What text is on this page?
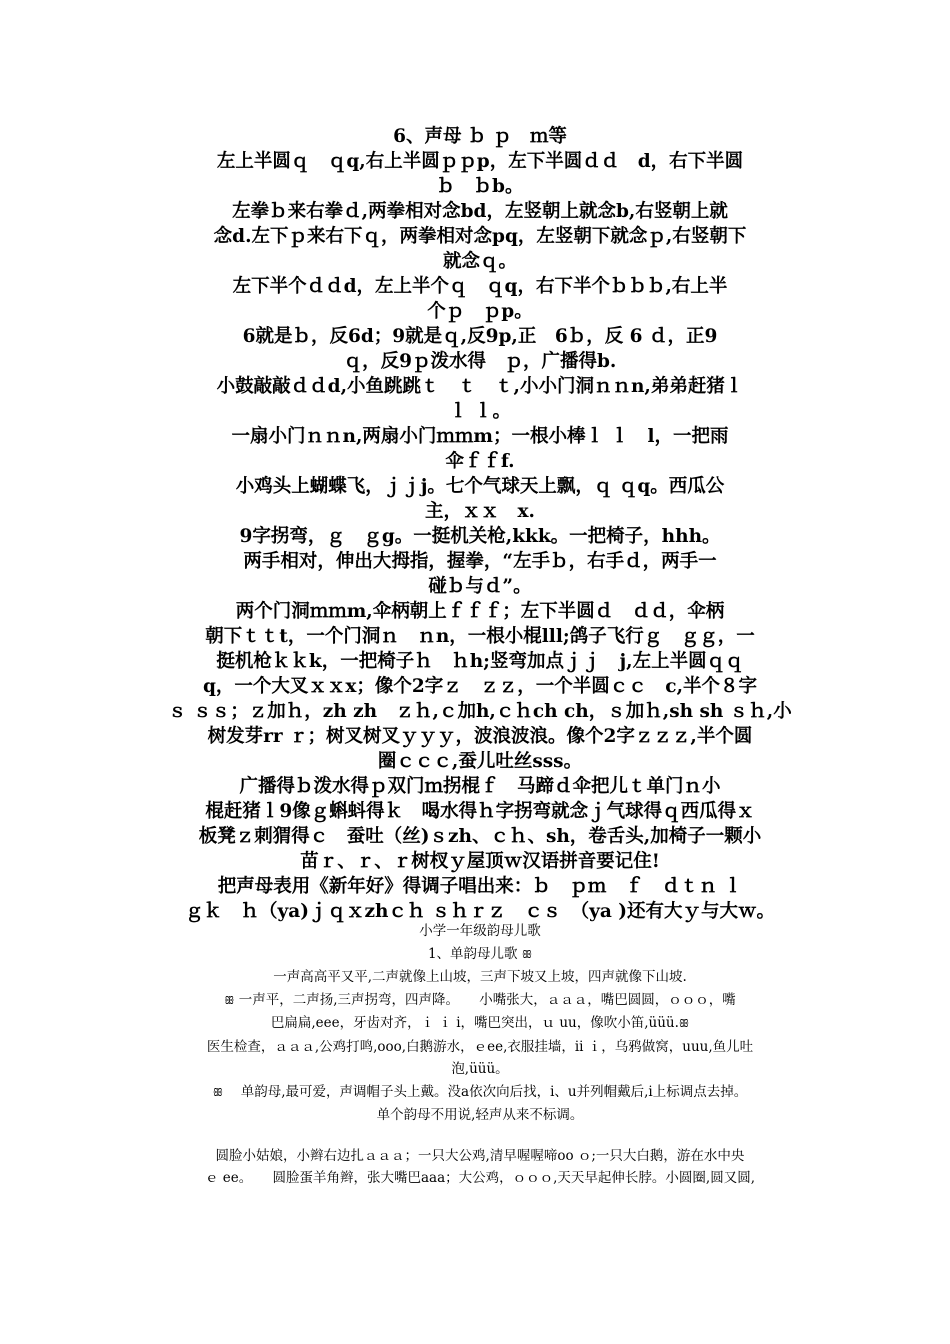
6、声母 ｂ ｐ　ｍ等

左上半圆ｑ　ｑq,右上半圆ｐｐp，左下半圆ｄｄ　d，右下半圆

ｂ　ｂb。

左拳ｂ来右拳ｄ,两拳相对念bd，左竖朝上就念b,右竖朝上就

念d.左下ｐ来右下ｑ，两拳相对念pq，左竖朝下就念ｐ,右竖朝下

就念ｑ。

左下半个ｄｄd，左上半个ｑ　ｑq，右下半个ｂｂｂ,右上半

个ｐ　ｐp。

6就是ｂ，反6d；9就是ｑ,反9p,正　6ｂ，反 6 ｄ，正9

ｑ，反9ｐ泼水得　ｐ，广播得b.

小鼓敲敲ｄｄd,小鱼跳跳ｔ　ｔ　ｔ,小小门洞ｎｎn,弟弟赶猪ｌ

ｌ ｌ。

一扇小门ｎｎn,两扇小门ｍｍm；一根小棒ｌ ｌ　l，一把雨

伞ｆｆf.

小鸡头上蝴蝶飞，ｊｊj。七个气球天上飘，ｑ ｑq。西瓜公

主，ｘｘ　x.

9字拐弯，ｇ　ｇg。一挺机关枪,kkk。一把椅子，hhh。

两手相对，伸出大拇指，握拳，“左手ｂ，右手ｄ，两手一

碰ｂ与ｄ”。

两个门洞ｍｍm,伞柄朝上ｆｆｆ；左下半圆ｄ　ｄｄ，伞柄

朝下ｔｔt，一个门洞ｎ　ｎn，一根小棍lll;鸽子飞行ｇ　ｇｇ，一

挺机枪ｋｋk，一把椅子ｈ　ｈh;竖弯加点ｊｊ　j,左上半圆ｑｑ

q，一个大叉ｘｘx；像个2字ｚ　ｚｚ，一个半圆ｃｃ　c,半个８字

ｓ ｓｓ；ｚ加ｈ，zh zh　ｚｈ,ｃ加h,ｃｈch ch，ｓ加ｈ,sh sh ｓｈ,小

树发芽rr ｒ；树叉树叉ｙｙｙ，波浪波浪。像个2字ｚｚｚ,半个圆

圈ｃｃｃ,蚕儿吐丝sss。

广播得ｂ泼水得ｐ双门ｍ拐棍ｆ　马蹄ｄ伞把儿ｔ单门ｎ小

棍赶猪ｌ9像ｇ蝌蚪得ｋ　喝水得ｈ字拐弯就念ｊ气球得ｑ西瓜得ｘ

板凳ｚ刺猬得ｃ　蚕吐（丝)ｓzh、ｃｈ、sh，卷舌头,加椅子一颗小

苗ｒ、ｒ、ｒ树杈ｙ屋顶ｗ汉语拼音要记住!

把声母表用《新年好》得调子唱出来：ｂ　ｐｍ　ｆ　ｄｔｎ ｌ

ｇｋ　ｈ（ya)ｊｑｘzhｃｈ ｓｈｒｚ　ｃｓ　（ya )还有大ｙ与大ｗ。

小学一年级韵母儿歌

1、单韵母儿歌 ꕥ

一声高高平又平,二声就像上山坡，三声下坡又上坡，四声就像下山坡.

ꕥ 一声平，二声扬,三声拐弯，四声降。　　小嘴张大，ａａａ，嘴巴圆圆，ｏｏｏ，嘴

巴扁扁,eee，牙齿对齐，ｉ ｉ i，嘴巴突出，ｕ uu，像吹小笛,üüü.ꕥ

医生检查，ａａａ,公鸡打鸣,ooo,白鹅游水，ｅee,衣服挂墙，ii ｉ，乌鸦做窝，uuu,鱼儿吐

泡,üüü。

ꕥ　 单韵母,最可爱，声调帽子头上戴。没a依次向后找，i、u并列帽戴后,i上标调点去掉。

单个韵母不用说,轻声从来不标调。

圆脸小姑娘，小辫右边扎ａａａ；一只大公鸡,清早喔喔啼oo ｏ;一只大白鹅，游在水中央

ｅ ee。　　圆脸蛋羊角辫，张大嘴巴aaa；大公鸡，ｏｏｏ,天天早起伸长脖。小圆圈,圆又圆,
